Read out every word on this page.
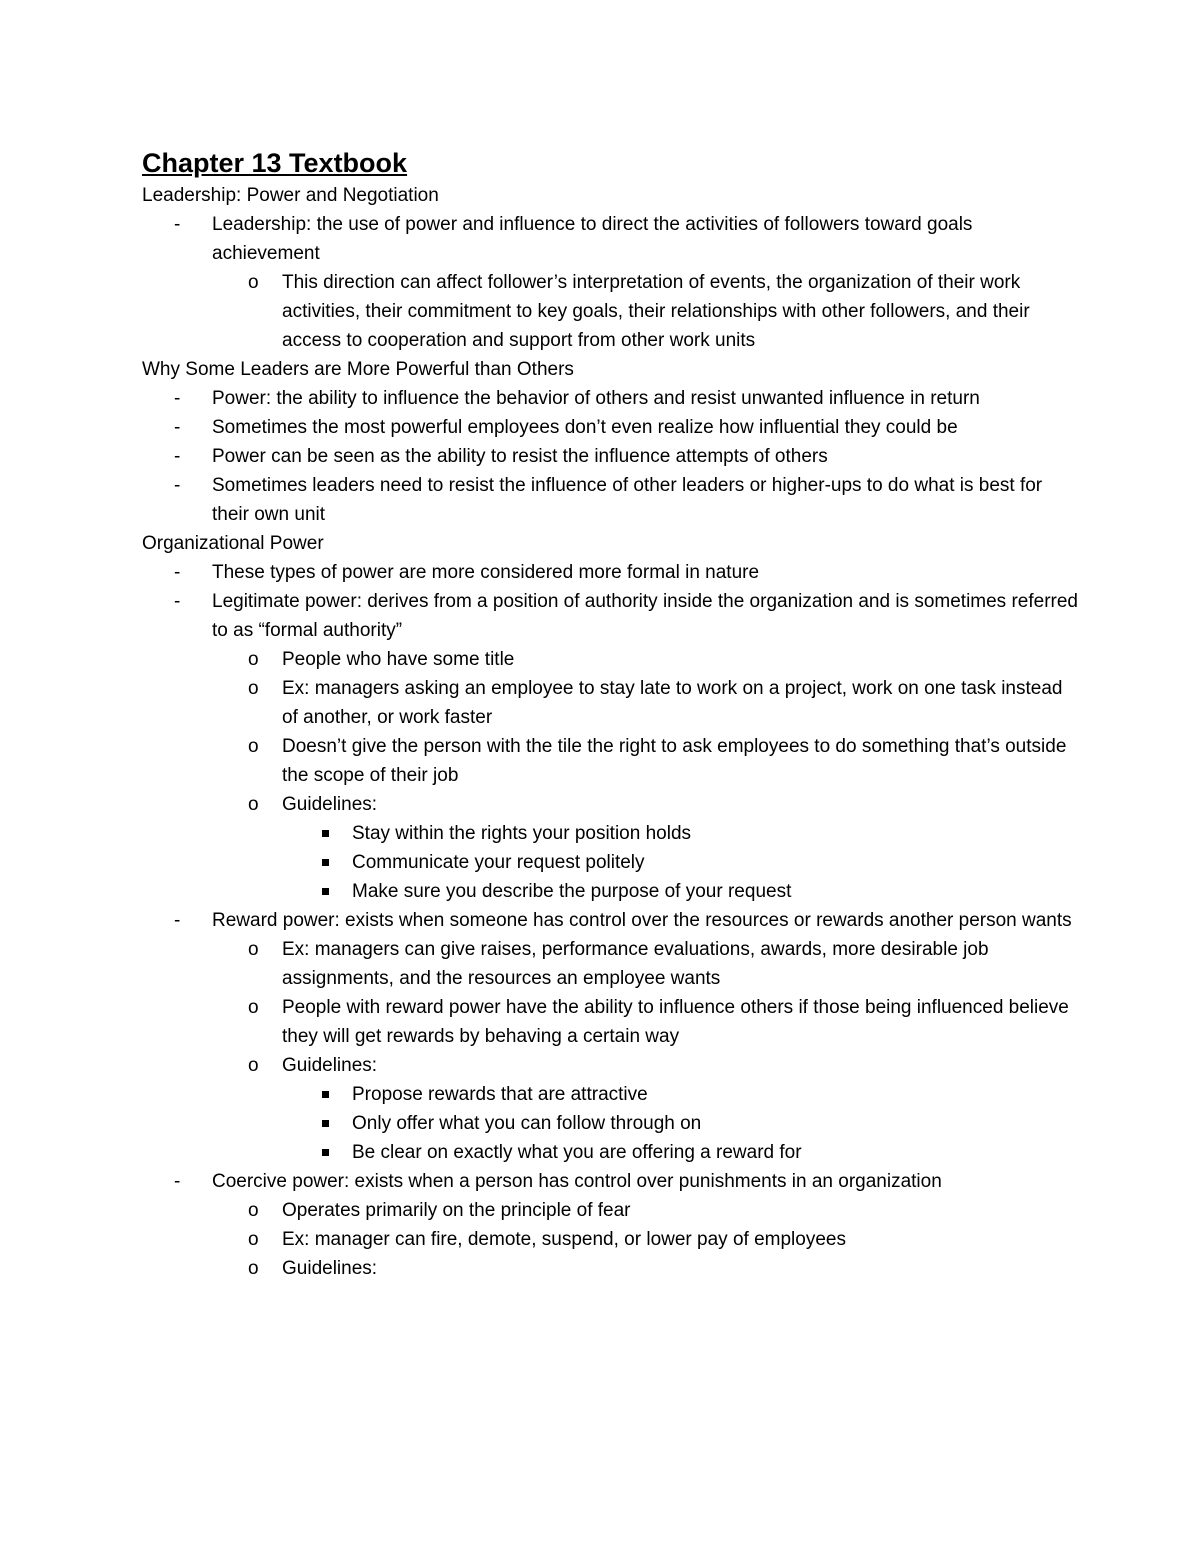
Chapter 13 Textbook
Leadership: Power and Negotiation
-	Leadership: the use of power and influence to direct the activities of followers toward goals achievement
o	This direction can affect follower’s interpretation of events, the organization of their work activities, their commitment to key goals, their relationships with other followers, and their access to cooperation and support from other work units
Why Some Leaders are More Powerful than Others
-	Power: the ability to influence the behavior of others and resist unwanted influence in return
-	Sometimes the most powerful employees don’t even realize how influential they could be
-	Power can be seen as the ability to resist the influence attempts of others
-	Sometimes leaders need to resist the influence of other leaders or higher-ups to do what is best for their own unit
Organizational Power
-	These types of power are more considered more formal in nature
-	Legitimate power: derives from a position of authority inside the organization and is sometimes referred to as “formal authority”
o	People who have some title
o	Ex: managers asking an employee to stay late to work on a project, work on one task instead of another, or work faster
o	Doesn’t give the person with the tile the right to ask employees to do something that’s outside the scope of their job
o	Guidelines:
Stay within the rights your position holds
Communicate your request politely
Make sure you describe the purpose of your request
-	Reward power: exists when someone has control over the resources or rewards another person wants
o	Ex: managers can give raises, performance evaluations, awards, more desirable job assignments, and the resources an employee wants
o	People with reward power have the ability to influence others if those being influenced believe they will get rewards by behaving a certain way
o	Guidelines:
Propose rewards that are attractive
Only offer what you can follow through on
Be clear on exactly what you are offering a reward for
-	Coercive power: exists when a person has control over punishments in an organization
o	Operates primarily on the principle of fear
o	Ex: manager can fire, demote, suspend, or lower pay of employees
o	Guidelines:
